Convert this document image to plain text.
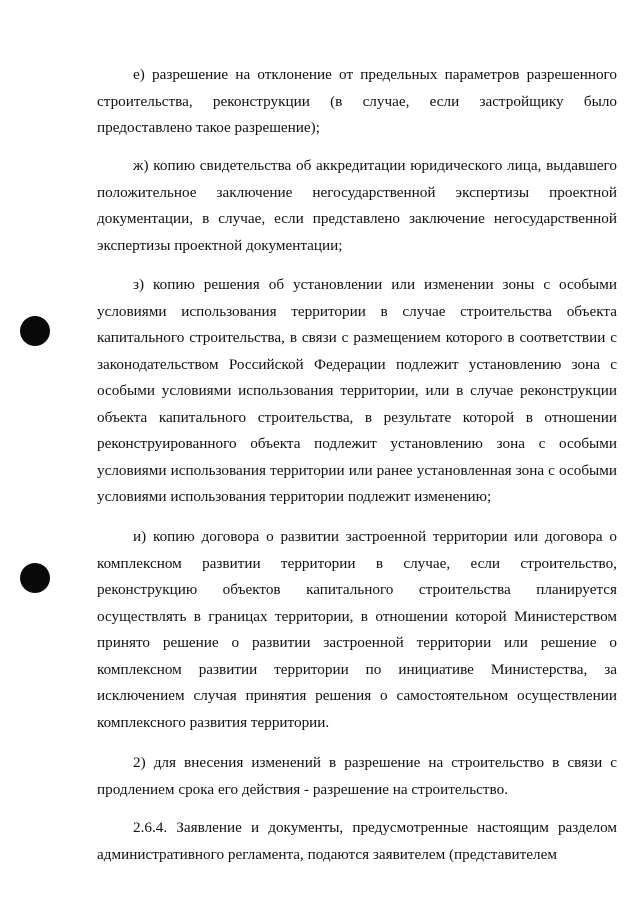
е) разрешение на отклонение от предельных параметров разрешенного строительства, реконструкции (в случае, если застройщику было предоставлено такое разрешение);

ж) копию свидетельства об аккредитации юридического лица, выдавшего положительное заключение негосударственной экспертизы проектной документации, в случае, если представлено заключение негосударственной экспертизы проектной документации;

з) копию решения об установлении или изменении зоны с особыми условиями использования территории в случае строительства объекта капитального строительства, в связи с размещением которого в соответствии с законодательством Российской Федерации подлежит установлению зона с особыми условиями использования территории, или в случае реконструкции объекта капитального строительства, в результате которой в отношении реконструированного объекта подлежит установлению зона с особыми условиями использования территории или ранее установленная зона с особыми условиями использования территории подлежит изменению;

и) копию договора о развитии застроенной территории или договора о комплексном развитии территории в случае, если строительство, реконструкцию объектов капитального строительства планируется осуществлять в границах территории, в отношении которой Министерством принято решение о развитии застроенной территории или решение о комплексном развитии территории по инициативе Министерства, за исключением случая принятия решения о самостоятельном осуществлении комплексного развития территории.

2) для внесения изменений в разрешение на строительство в связи с продлением срока его действия - разрешение на строительство.

2.6.4. Заявление и документы, предусмотренные настоящим разделом административного регламента, подаются заявителем (представителем
